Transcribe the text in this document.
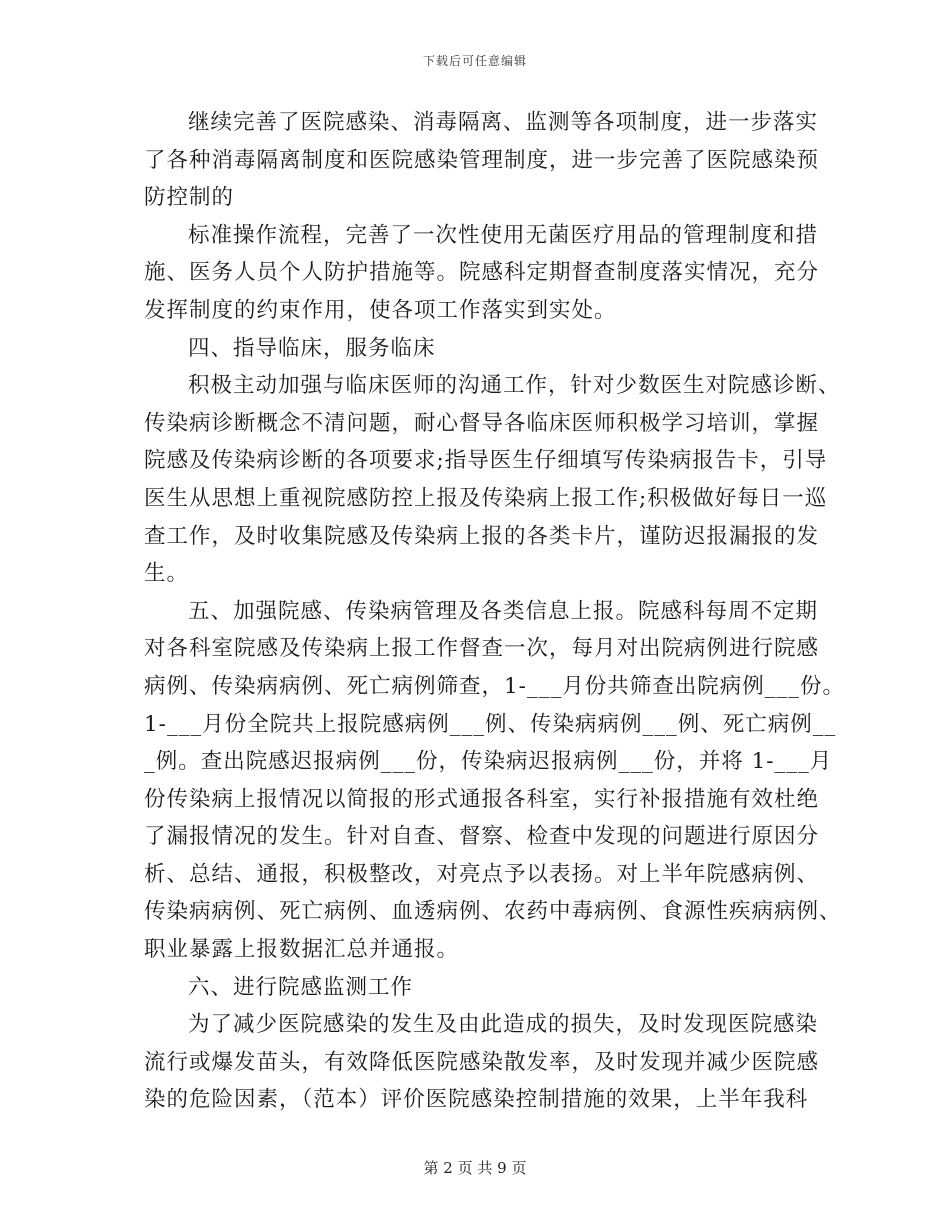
下载后可任意编辑
继续完善了医院感染、消毒隔离、监测等各项制度，进一步落实
了各种消毒隔离制度和医院感染管理制度，进一步完善了医院感染预
防控制的
标准操作流程，完善了一次性使用无菌医疗用品的管理制度和措
施、医务人员个人防护措施等。院感科定期督查制度落实情况，充分
发挥制度的约束作用，使各项工作落实到实处。
四、指导临床，服务临床
积极主动加强与临床医师的沟通工作，针对少数医生对院感诊断、
传染病诊断概念不清问题，耐心督导各临床医师积极学习培训，掌握
院感及传染病诊断的各项要求;指导医生仔细填写传染病报告卡，引导
医生从思想上重视院感防控上报及传染病上报工作;积极做好每日一巡
查工作，及时收集院感及传染病上报的各类卡片，谨防迟报漏报的发
生。
五、加强院感、传染病管理及各类信息上报。院感科每周不定期
对各科室院感及传染病上报工作督查一次，每月对出院病例进行院感
病例、传染病病例、死亡病例筛查，1-___月份共筛查出院病例___份。
1-___月份全院共上报院感病例___例、传染病病例___例、死亡病例__
_例。查出院感迟报病例___份，传染病迟报病例___份，并将 1-___月
份传染病上报情况以简报的形式通报各科室，实行补报措施有效杜绝
了漏报情况的发生。针对自查、督察、检查中发现的问题进行原因分
析、总结、通报，积极整改，对亮点予以表扬。对上半年院感病例、
传染病病例、死亡病例、血透病例、农药中毒病例、食源性疾病病例、
职业暴露上报数据汇总并通报。
六、进行院感监测工作
为了减少医院感染的发生及由此造成的损失，及时发现医院感染
流行或爆发苗头，有效降低医院感染散发率，及时发现并减少医院感
染的危险因素，（范本）评价医院感染控制措施的效果，上半年我科
第 2 页 共 9 页
